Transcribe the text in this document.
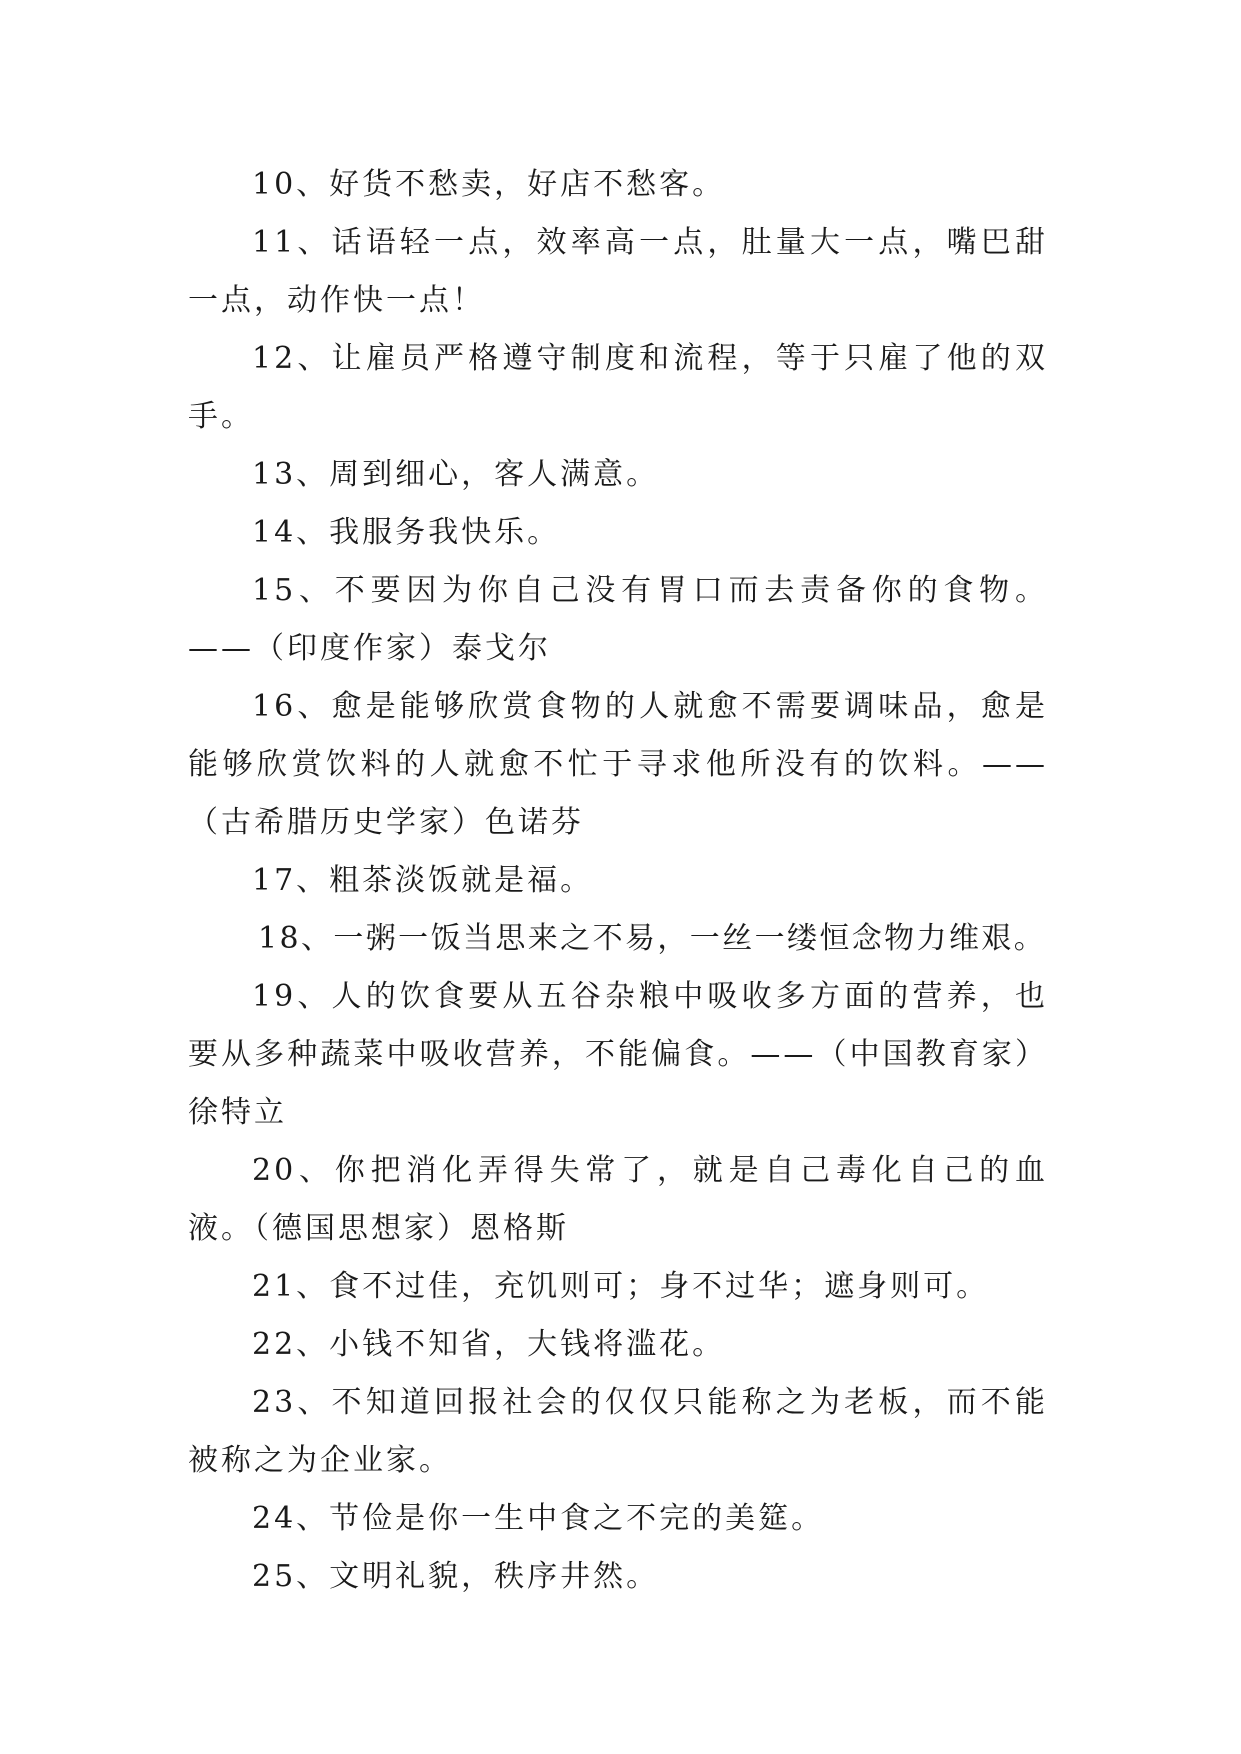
10、好货不愁卖，好店不愁客。

11、话语轻一点，效率高一点，肚量大一点，嘴巴甜一点，动作快一点！

12、让雇员严格遵守制度和流程，等于只雇了他的双手。

13、周到细心，客人满意。

14、我服务我快乐。

15、不要因为你自己没有胃口而去责备你的食物。——（印度作家）泰戈尔

16、愈是能够欣赏食物的人就愈不需要调味品，愈是能够欣赏饮料的人就愈不忙于寻求他所没有的饮料。——（古希腊历史学家）色诺芬

17、粗茶淡饭就是福。

18、一粥一饭当思来之不易，一丝一缕恒念物力维艰。

19、人的饮食要从五谷杂粮中吸收多方面的营养，也要从多种蔬菜中吸收营养，不能偏食。——（中国教育家）徐特立

20、你把消化弄得失常了，就是自己毒化自己的血液。（德国思想家）恩格斯

21、食不过佳，充饥则可；身不过华；遮身则可。

22、小钱不知省，大钱将滥花。

23、不知道回报社会的仅仅只能称之为老板，而不能被称之为企业家。

24、节俭是你一生中食之不完的美筵。

25、文明礼貌，秩序井然。
